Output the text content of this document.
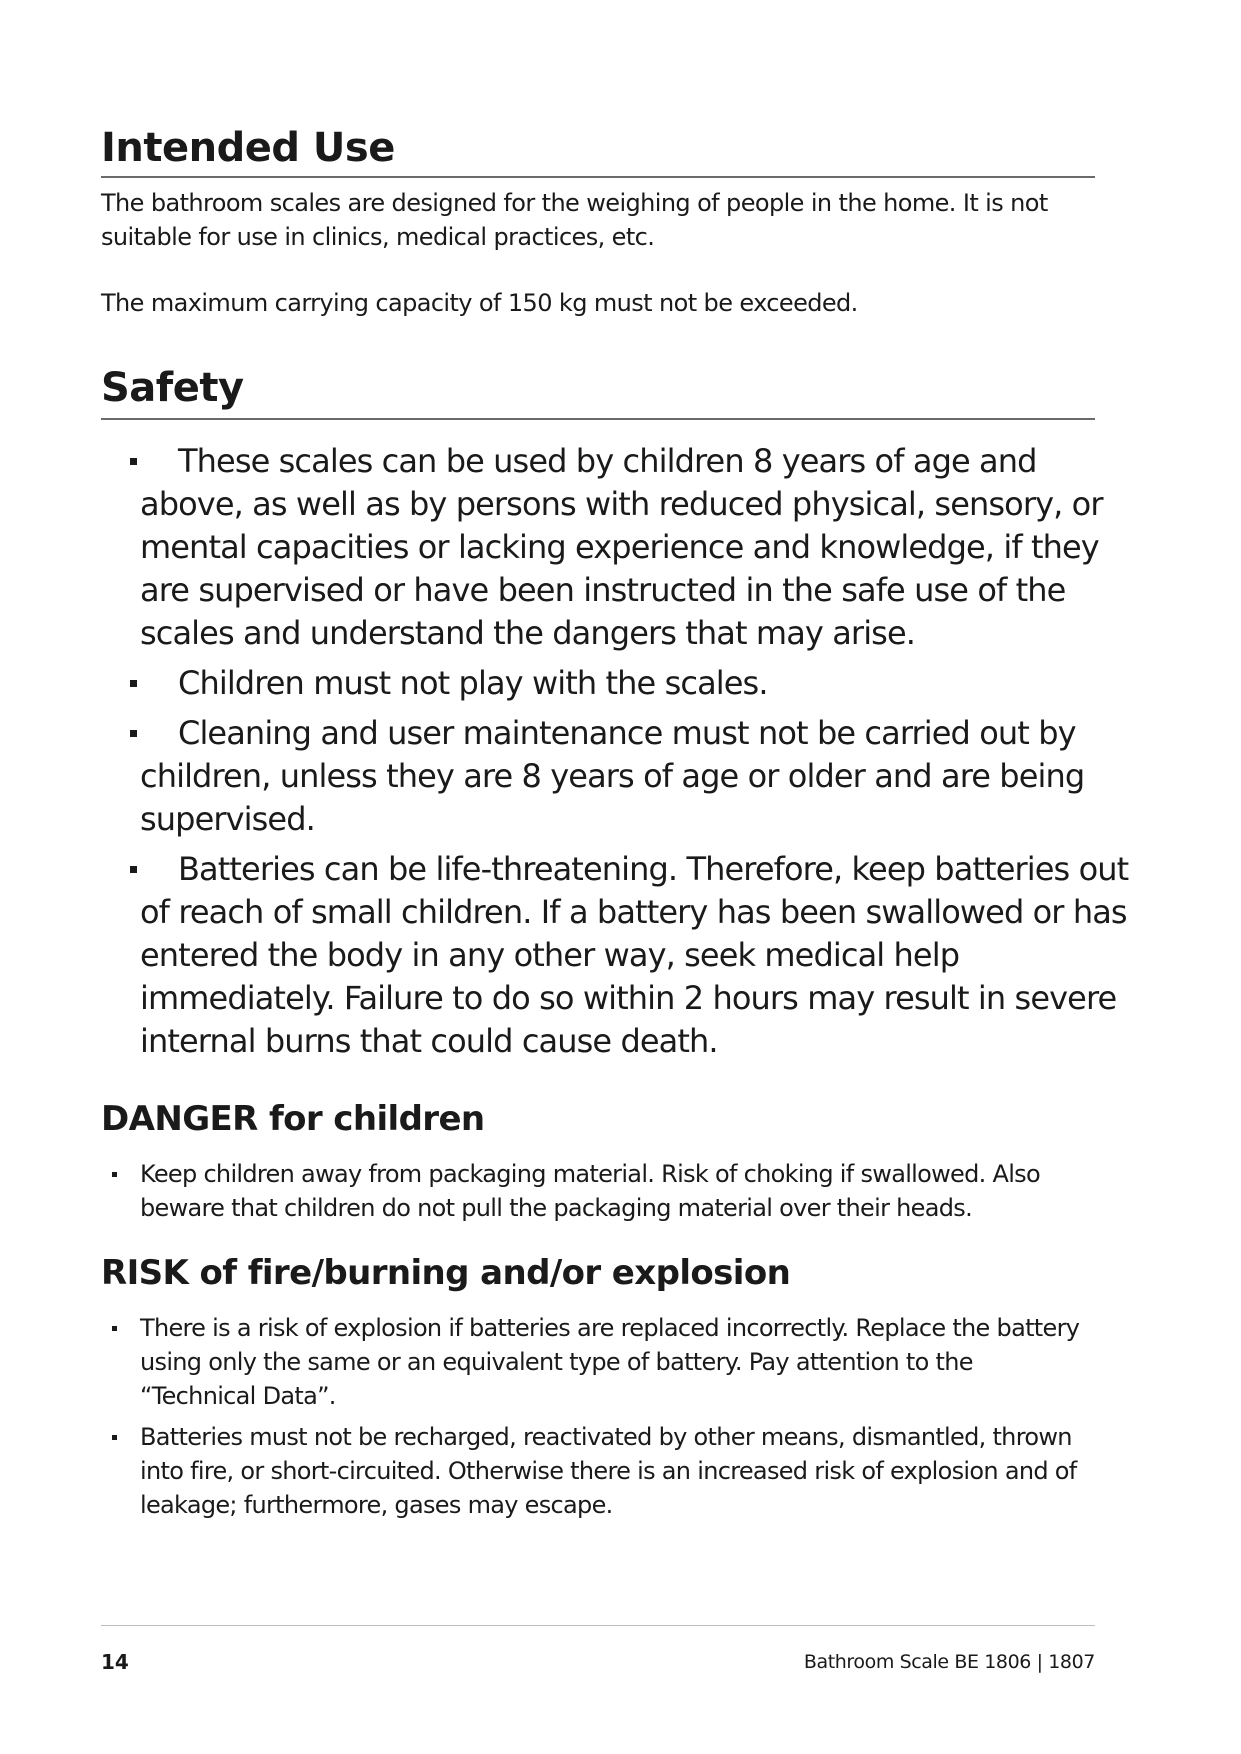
Intended Use

The bathroom scales are designed for the weighing of people in the home. It is not suitable for use in clinics, medical practices, etc.

The maximum carrying capacity of 150 kg must not be exceeded.

Safety
These scales can be used by children 8 years of age and above, as well as by persons with reduced physical, sensory, or mental capacities or lacking experience and knowledge, if they are supervised or have been instructed in the safe use of the scales and understand the dangers that may arise.
Children must not play with the scales.
Cleaning and user maintenance must not be carried out by children, unless they are 8 years of age or older and are being supervised.
Batteries can be life-threatening. Therefore, keep batteries out of reach of small children. If a battery has been swallowed or has entered the body in any other way, seek medical help immediately. Failure to do so within 2 hours may result in severe internal burns that could cause death.
DANGER for children
Keep children away from packaging material. Risk of choking if swallowed. Also beware that children do not pull the packaging material over their heads.
RISK of fire/burning and/or explosion
There is a risk of explosion if batteries are replaced incorrectly. Replace the battery using only the same or an equivalent type of battery. Pay attention to the “Technical Data”.
Batteries must not be recharged, reactivated by other means, dismantled, thrown into fire, or short-circuited. Otherwise there is an increased risk of explosion and of leakage; furthermore, gases may escape.

14	Bathroom Scale BE 1806 | 1807
